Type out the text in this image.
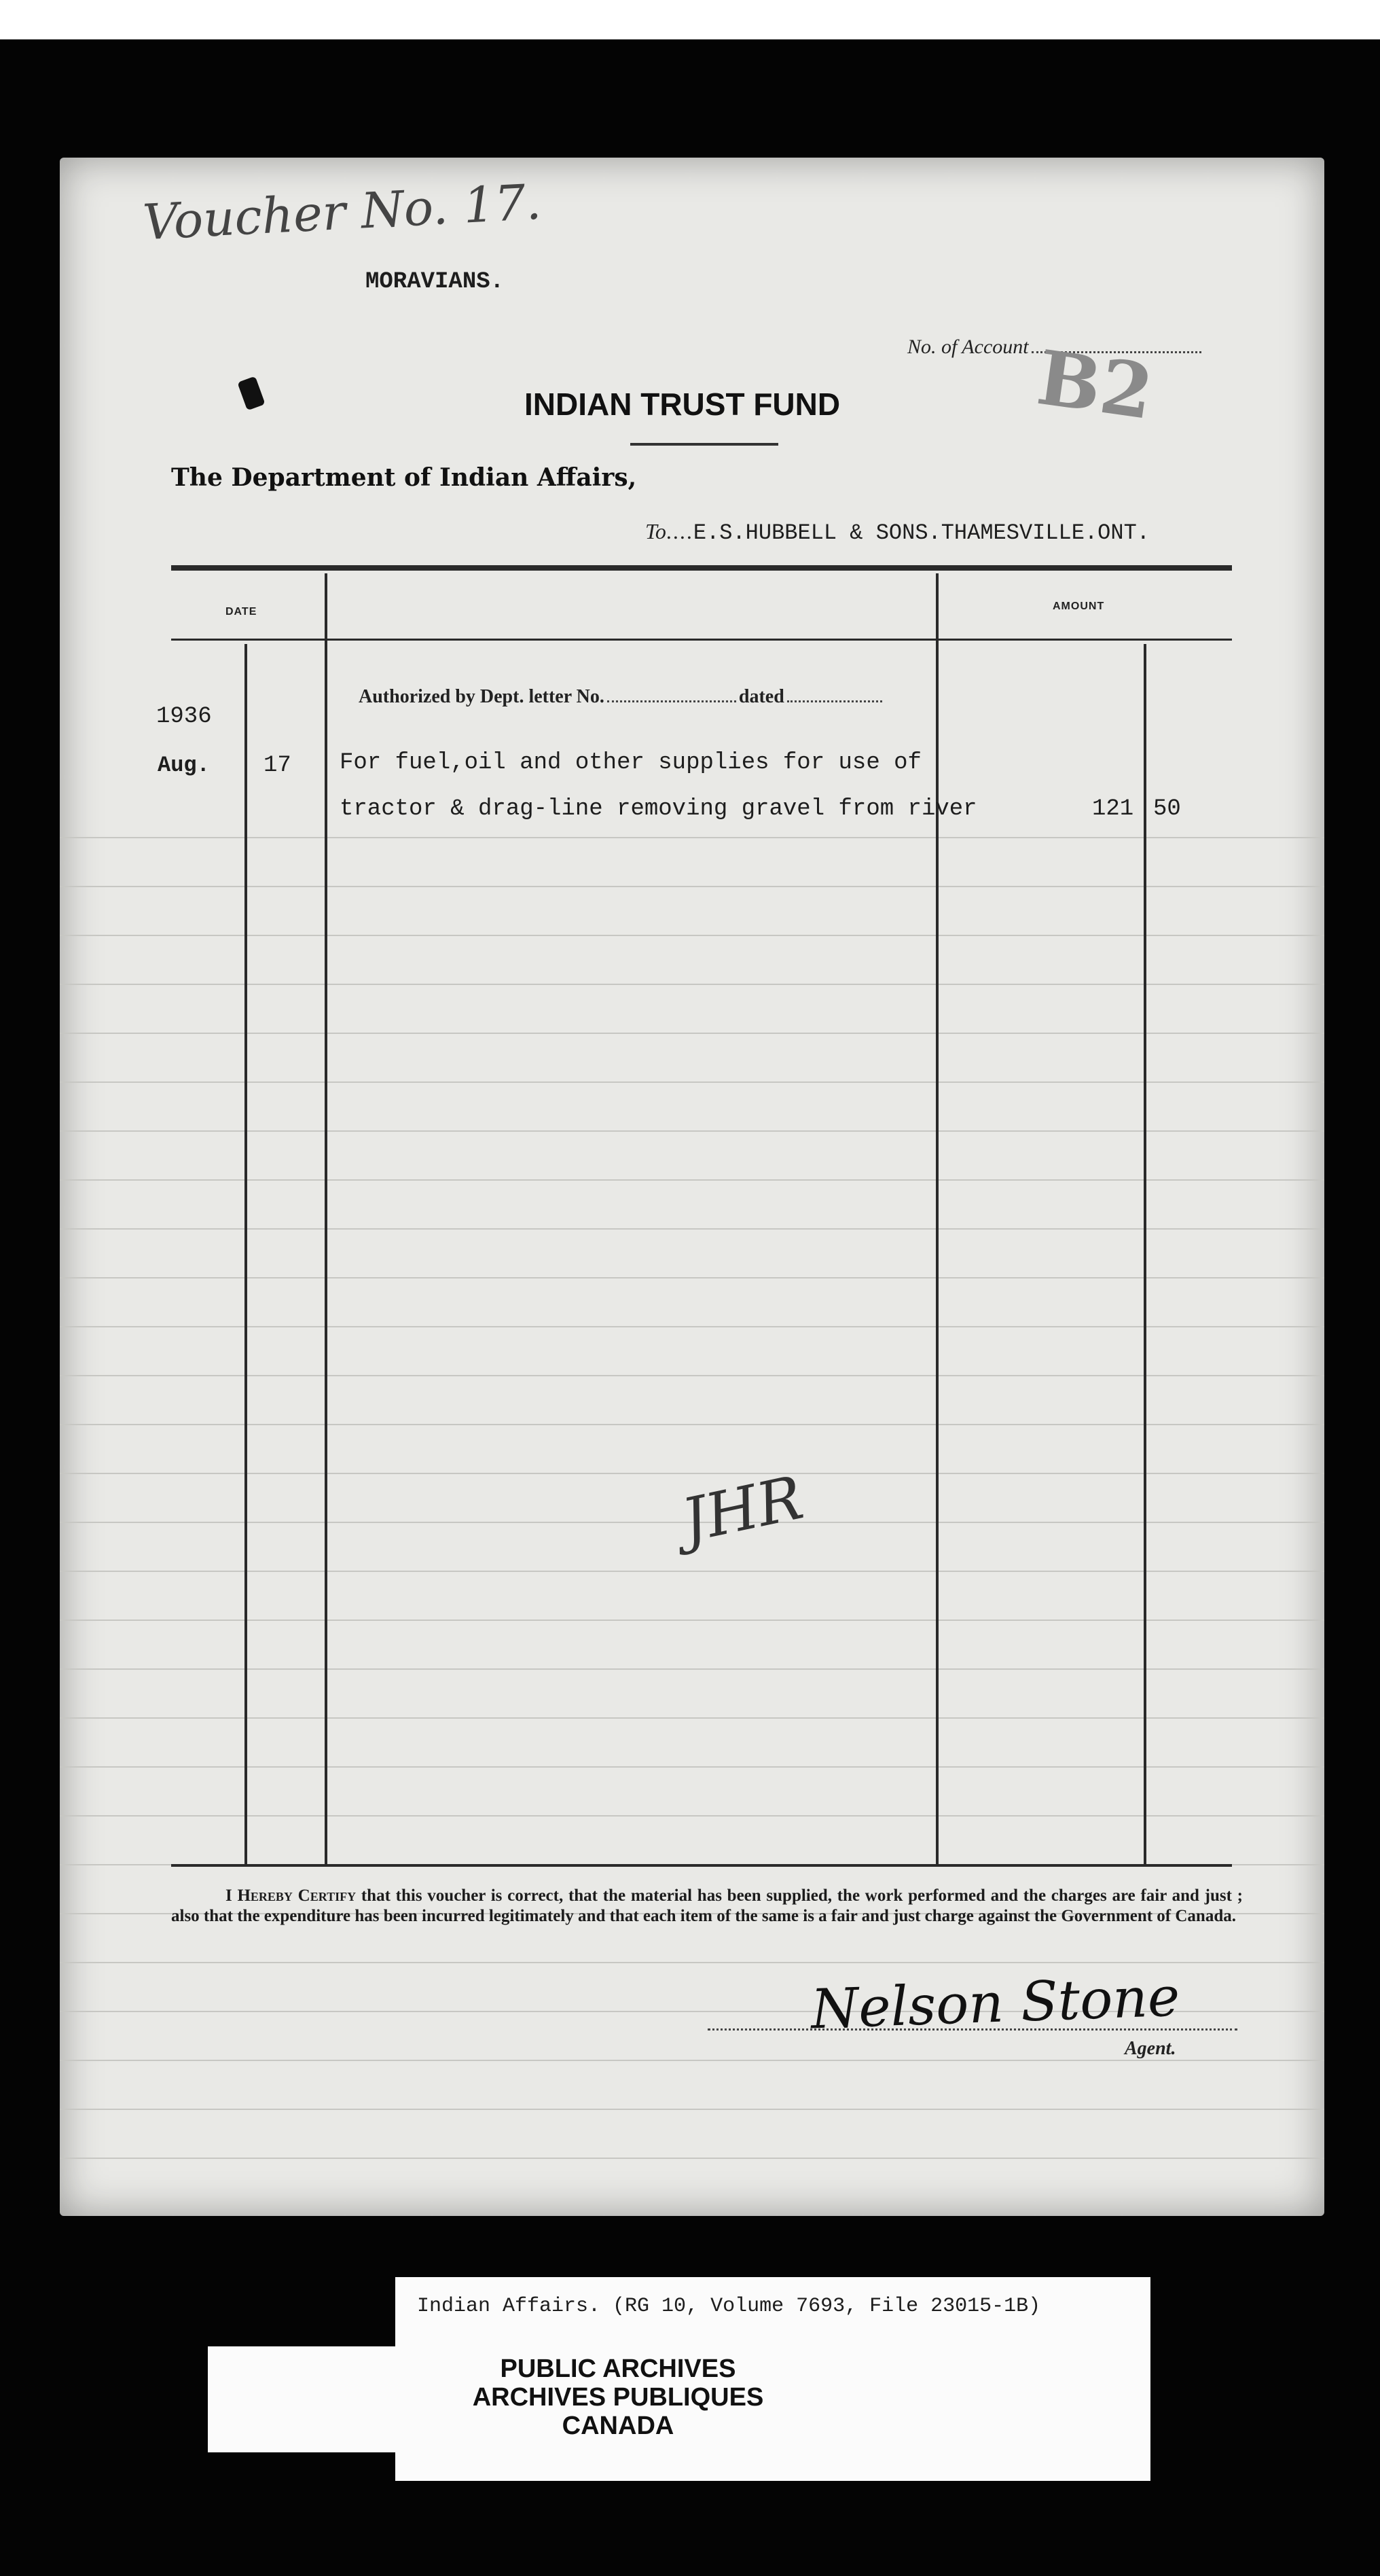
Voucher No. 17.
MORAVIANS.
No. of Account B2
INDIAN TRUST FUND
The Department of Indian Affairs,
To....E.S.HUBBELL & SONS.THAMESVILLE.ONT.
DATE	AMOUNT
Authorized by Dept. letter No.	dated
1936
Aug. 17 For fuel,oil and other supplies for use of
tractor & drag-line removing gravel from river	121 50
JHR
I Hereby Certify that this voucher is correct, that the material has been supplied, the work performed and the charges are fair and just ; also that the expenditure has been incurred legitimately and that each item of the same is a fair and just charge against the Government of Canada.
Nelson Stone
Agent.
Indian Affairs. (RG 10, Volume 7693, File 23015-1B)
PUBLIC ARCHIVES
ARCHIVES PUBLIQUES
CANADA
